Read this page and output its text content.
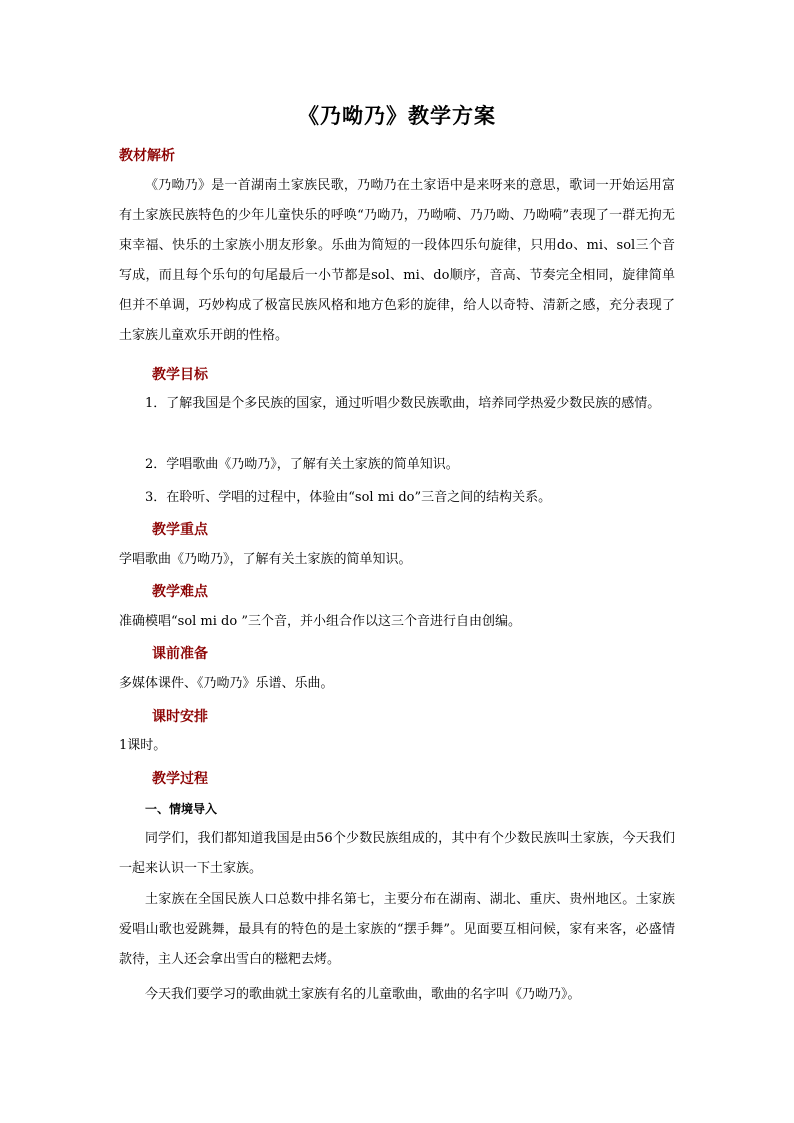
《乃呦乃》教学方案
教材解析
《乃呦乃》是一首湖南土家族民歌，乃呦乃在土家语中是来呀来的意思，歌词一开始运用富有土家族民族特色的少年儿童快乐的呼唤“乃呦乃，乃呦嗬、乃乃呦、乃呦嗬”表现了一群无拘无束幸福、快乐的土家族小朋友形象。乐曲为简短的一段体四乐句旋律，只用do、mi、sol三个音写成，而且每个乐句的句尾最后一小节都是sol、mi、do顺序，音高、节奏完全相同，旋律简单但并不单调，巧妙构成了极富民族风格和地方色彩的旋律，给人以奇特、清新之感，充分表现了土家族儿童欢乐开朗的性格。
教学目标
1．了解我国是个多民族的国家，通过听唱少数民族歌曲，培养同学热爱少数民族的感情。
2．学唱歌曲《乃呦乃》，了解有关土家族的简单知识。
3．在聆听、学唱的过程中，体验由“sol mi do”三音之间的结构关系。
教学重点
学唱歌曲《乃呦乃》，了解有关土家族的简单知识。
教学难点
准确模唱“sol mi do ”三个音，并小组合作以这三个音进行自由创编。
课前准备
多媒体课件、《乃呦乃》乐谱、乐曲。
课时安排
1课时。
教学过程
一、情境导入
同学们，我们都知道我国是由56个少数民族组成的，其中有个少数民族叫土家族，今天我们一起来认识一下土家族。
土家族在全国民族人口总数中排名第七，主要分布在湖南、湖北、重庆、贵州地区。土家族爱唱山歌也爱跳舞，最具有的特色的是土家族的“摆手舞”。见面要互相问候，家有来客，必盛情款待，主人还会拿出雪白的糍粑去烤。
今天我们要学习的歌曲就土家族有名的儿童歌曲，歌曲的名字叫《乃呦乃》。
